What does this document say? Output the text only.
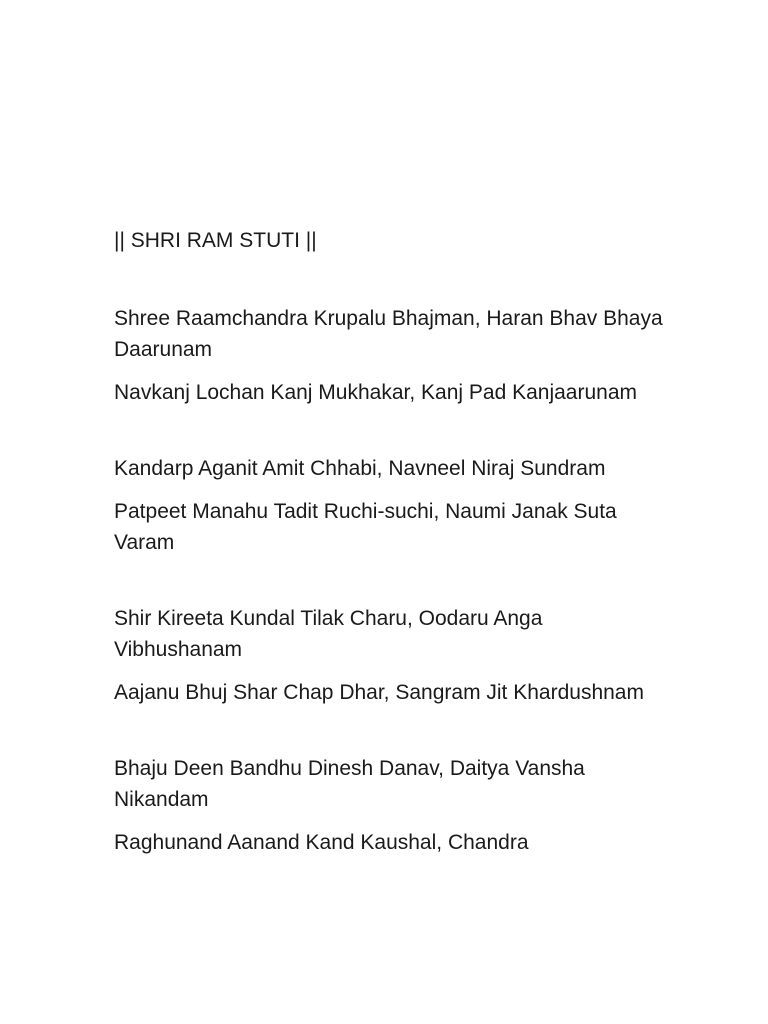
|| SHRI RAM STUTI ||
Shree Raamchandra Krupalu Bhajman, Haran Bhav Bhaya Daarunam
Navkanj Lochan Kanj Mukhakar, Kanj Pad Kanjaarunam
Kandarp Aganit Amit Chhabi, Navneel Niraj Sundram
Patpeet Manahu Tadit Ruchi-suchi, Naumi Janak Suta Varam
Shir Kireeta Kundal Tilak Charu, Oodaru Anga Vibhushanam
Aajanu Bhuj Shar Chap Dhar, Sangram Jit Khardushnam
Bhaju Deen Bandhu Dinesh Danav, Daitya Vansha Nikandam
Raghunand Aanand Kand Kaushal, Chandra
